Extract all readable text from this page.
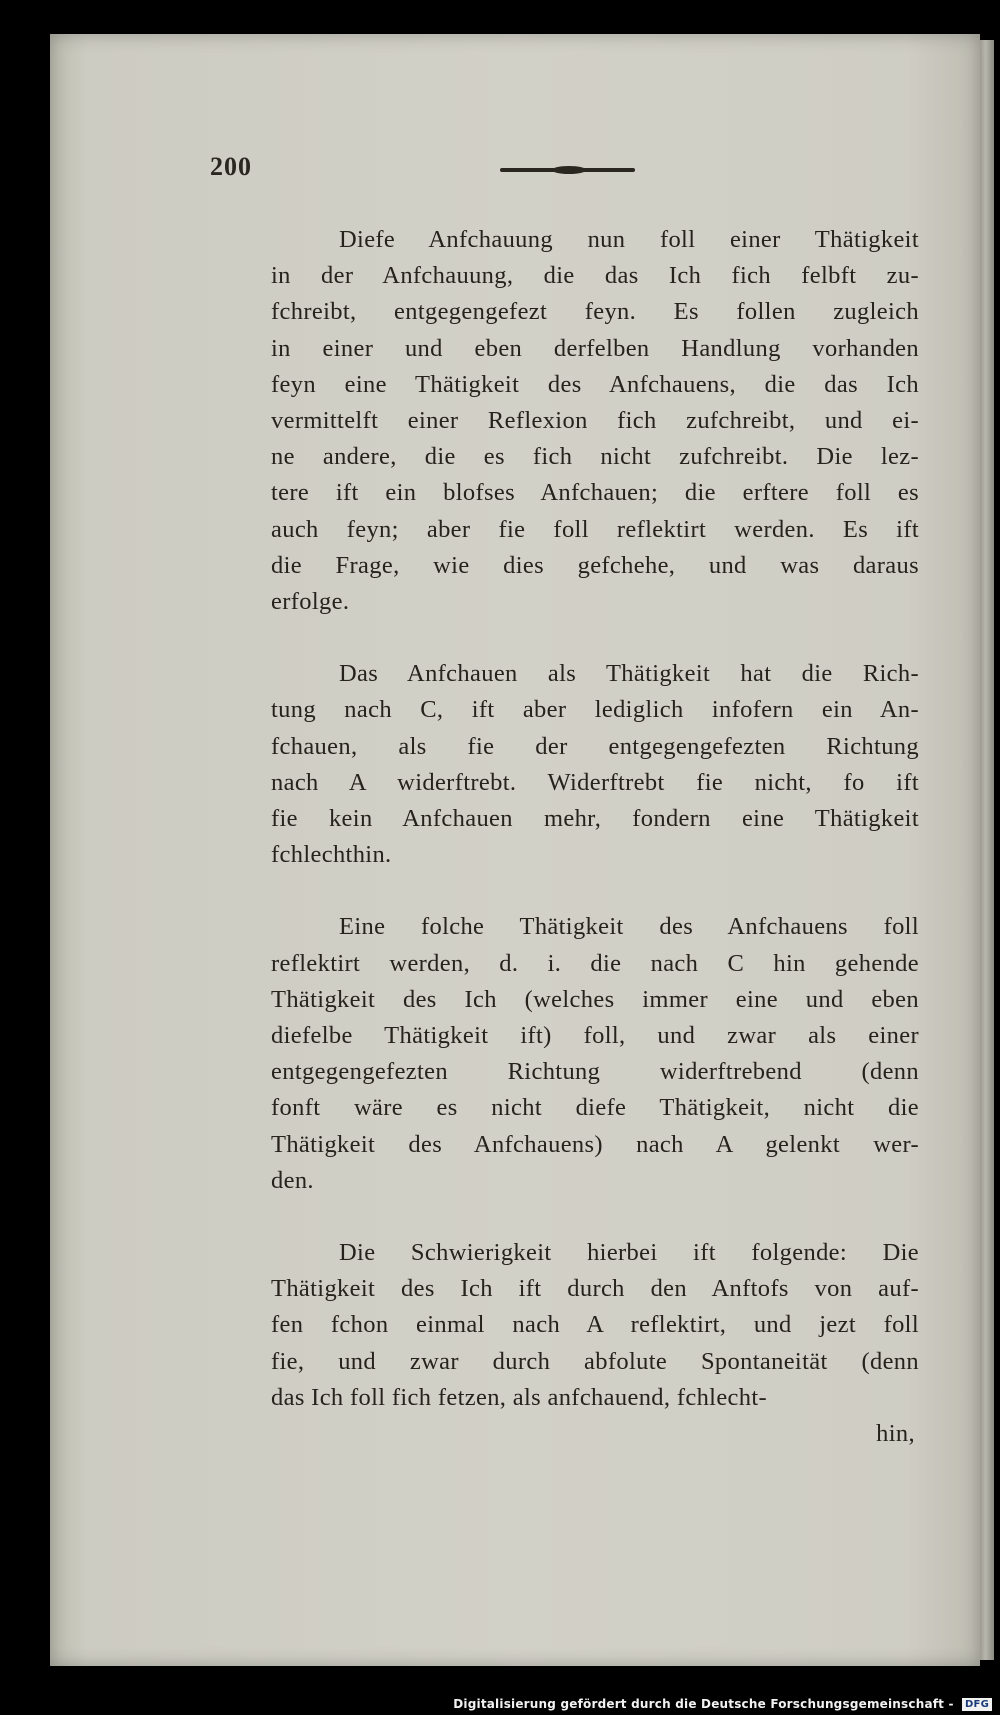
200
Diefe Anfchauung nun foll einer Thätigkeit
in der Anfchauung, die das Ich fich felbft zu-
fchreibt, entgegengefezt feyn. Es follen zugleich
in einer und eben derfelben Handlung vorhanden
feyn eine Thätigkeit des Anfchauens, die das Ich
vermittelft einer Reflexion fich zufchreibt, und ei-
ne andere, die es fich nicht zufchreibt. Die lez-
tere ift ein blofses Anfchauen; die erftere foll es
auch feyn; aber fie foll reflektirt werden. Es ift
die Frage, wie dies gefchehe, und was daraus
erfolge.
Das Anfchauen als Thätigkeit hat die Rich-
tung nach C, ift aber lediglich infofern ein An-
fchauen, als fie der entgegengefezten Richtung
nach A widerftrebt. Widerftrebt fie nicht, fo ift
fie kein Anfchauen mehr, fondern eine Thätigkeit
fchlechthin.
Eine folche Thätigkeit des Anfchauens foll
reflektirt werden, d. i. die nach C hin gehende
Thätigkeit des Ich (welches immer eine und eben
diefelbe Thätigkeit ift) foll, und zwar als einer
entgegengefezten Richtung widerftrebend (denn
fonft wäre es nicht diefe Thätigkeit, nicht die
Thätigkeit des Anfchauens) nach A gelenkt wer-
den.
Die Schwierigkeit hierbei ift folgende: Die
Thätigkeit des Ich ift durch den Anftofs von auf-
fen fchon einmal nach A reflektirt, und jezt foll
fie, und zwar durch abfolute Spontaneität (denn
das Ich foll fich fetzen, als anfchauend, fchlecht-
hin,
Digitalisierung gefördert durch die Deutsche Forschungsgemeinschaft - DFG
